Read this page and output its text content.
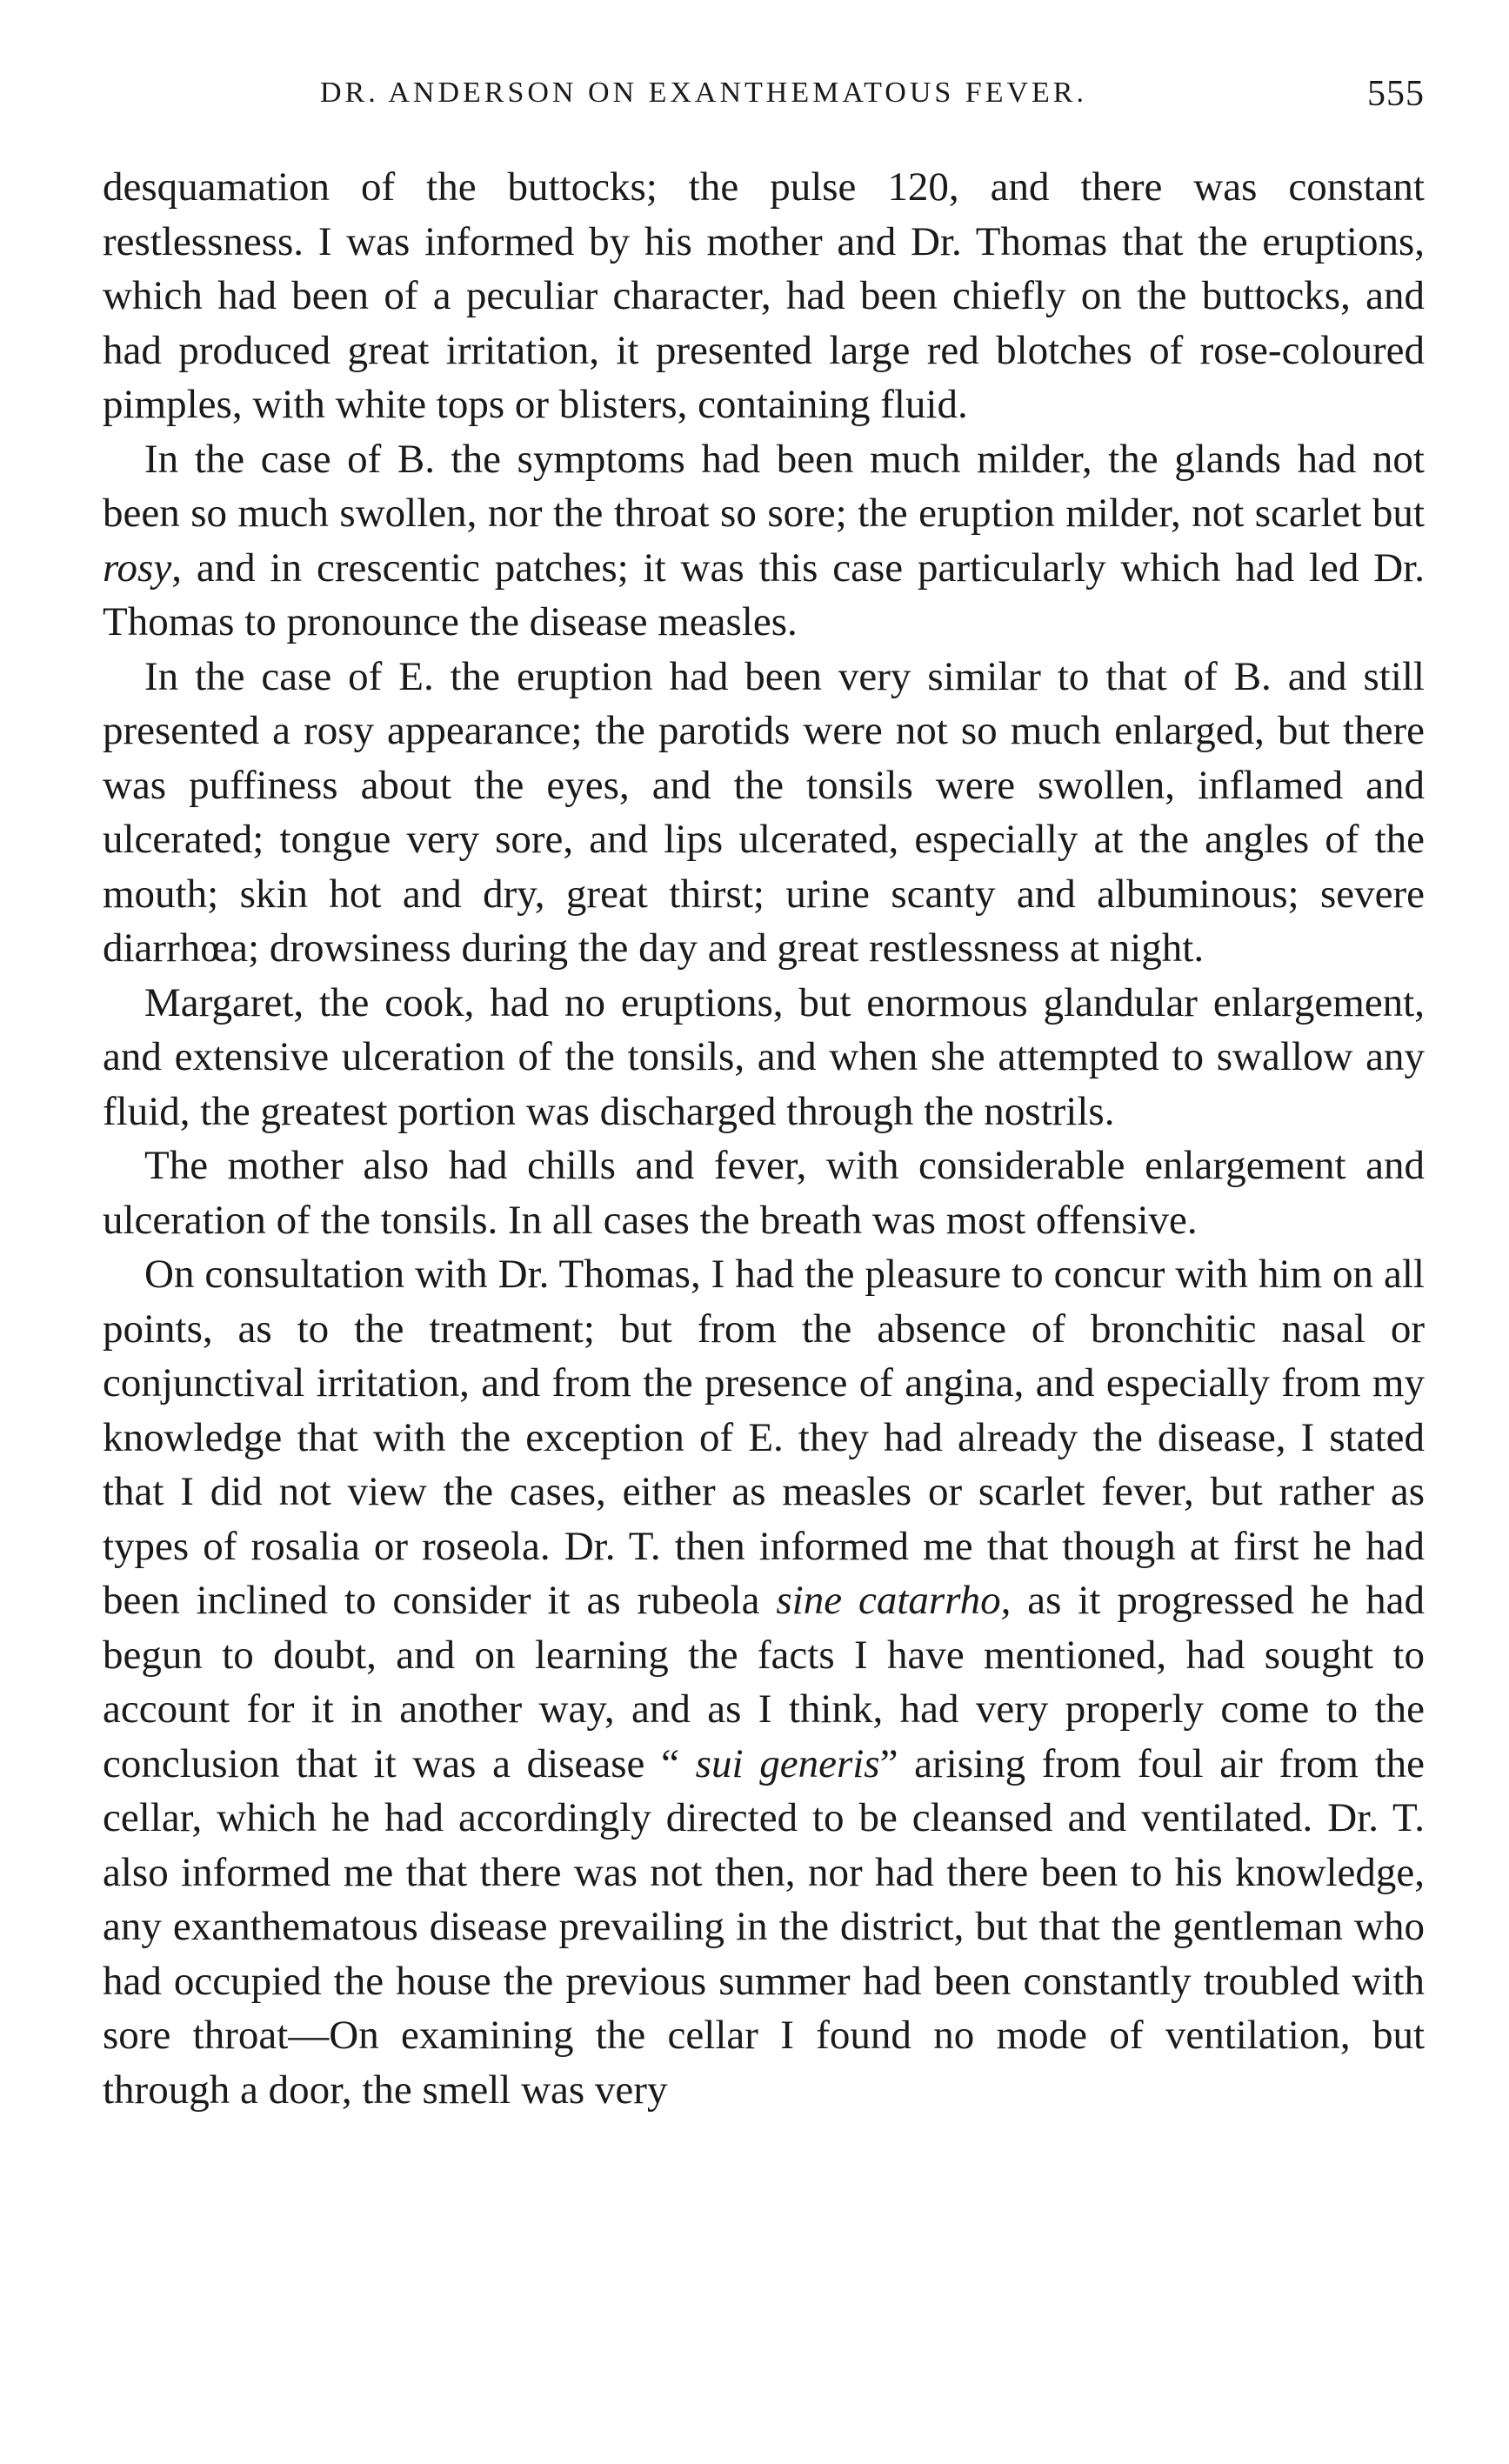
DR. ANDERSON ON EXANTHEMATOUS FEVER.	555

desquamation of the buttocks; the pulse 120, and there was constant restlessness. I was informed by his mother and Dr. Thomas that the eruptions, which had been of a peculiar character, had been chiefly on the buttocks, and had produced great irritation, it presented large red blotches of rose-coloured pimples, with white tops or blisters, containing fluid.

In the case of B. the symptoms had been much milder, the glands had not been so much swollen, nor the throat so sore; the eruption milder, not scarlet but rosy, and in crescentic patches; it was this case particularly which had led Dr. Thomas to pronounce the disease measles.

In the case of E. the eruption had been very similar to that of B. and still presented a rosy appearance; the parotids were not so much enlarged, but there was puffiness about the eyes, and the tonsils were swollen, inflamed and ulcerated; tongue very sore, and lips ulcerated, especially at the angles of the mouth; skin hot and dry, great thirst; urine scanty and albuminous; severe diarrhœa; drowsiness during the day and great restlessness at night.

Margaret, the cook, had no eruptions, but enormous glandular enlargement, and extensive ulceration of the tonsils, and when she attempted to swallow any fluid, the greatest portion was discharged through the nostrils.

The mother also had chills and fever, with considerable enlargement and ulceration of the tonsils. In all cases the breath was most offensive.

On consultation with Dr. Thomas, I had the pleasure to concur with him on all points, as to the treatment; but from the absence of bronchitic nasal or conjunctival irritation, and from the presence of angina, and especially from my knowledge that with the exception of E. they had already the disease, I stated that I did not view the cases, either as measles or scarlet fever, but rather as types of rosalia or roseola. Dr. T. then informed me that though at first he had been inclined to consider it as rubeola sine catarrho, as it progressed he had begun to doubt, and on learning the facts I have mentioned, had sought to account for it in another way, and as I think, had very properly come to the conclusion that it was a disease “ sui generis” arising from foul air from the cellar, which he had accordingly directed to be cleansed and ventilated. Dr. T. also informed me that there was not then, nor had there been to his knowledge, any exanthematous disease prevailing in the district, but that the gentleman who had occupied the house the previous summer had been constantly troubled with sore throat—On examining the cellar I found no mode of ventilation, but through a door, the smell was very
